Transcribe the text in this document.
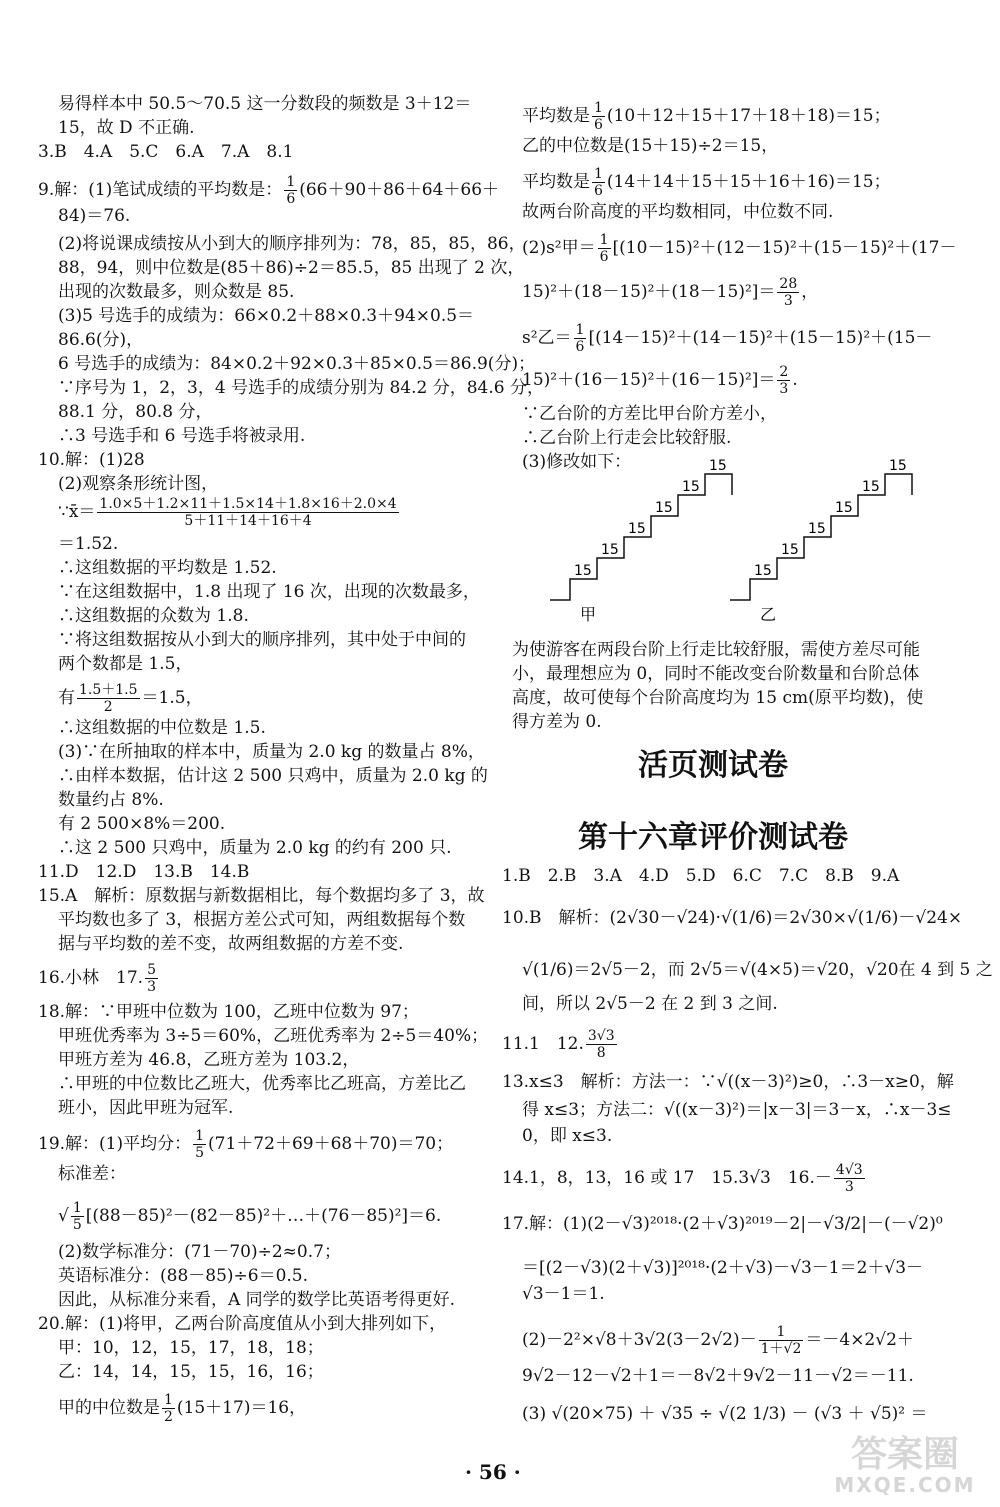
易得样本中 50.5～70.5 这一分数段的频数是 3＋12＝
15，故 D 不正确.
3.B　4.A　5.C　6.A　7.A　8.1
9.解：(1)笔试成绩的平均数是： $\frac{1}{6} (66+90+86+64+66+$
84)＝76.
(2)将说课成绩按从小到大的顺序排列为：78，85，85，86，
88，94，则中位数是(85＋86)÷2＝85.5，85 出现了 2 次，
出现的次数最多，则众数是 85.
(3)5 号选手的成绩为：66×0.2＋88×0.3＋94×0.5＝
86.6(分)，
6 号选手的成绩为：84×0.2＋92×0.3＋85×0.5＝86.9(分)；
∵序号为 1，2，3，4 号选手的成绩分别为 84.2 分，84.6 分，
88.1 分，80.8 分，
∴3 号选手和 6 号选手将被录用.
10.解：(1)28
(2)观察条形统计图，
∵x̄＝ $\frac{1.0\times 5+1.2\times 11+1.5\times 14+1.8\times 16+2.0\times 4}{5+11+14+16+4}$
＝1.52.
∴这组数据的平均数是 1.52.
∵在这组数据中，1.8 出现了 16 次，出现的次数最多，
∴这组数据的众数为 1.8.
∵将这组数据按从小到大的顺序排列，其中处于中间的
两个数都是 1.5，
有 $\frac{1.5+1.5}{2} =1.5$，
∴这组数据的中位数是 1.5.
(3)∵在所抽取的样本中，质量为 2.0 kg 的数量占 8%，
∴由样本数据，估计这 2 500 只鸡中，质量为 2.0 kg 的
数量约占 8%.
有 2 500×8%＝200.
∴这 2 500 只鸡中，质量为 2.0 kg 的约有 200 只.
11.D　12.D　13.B　14.B
15.A　解析：原数据与新数据相比，每个数据均多了 3，故
平均数也多了 3，根据方差公式可知，两组数据每个数
据与平均数的差不变，故两组数据的方差不变.
16.小林　17. $\frac{5}{3}$
18.解：∵甲班中位数为 100，乙班中位数为 97；
甲班优秀率为 3÷5＝60%，乙班优秀率为 2÷5＝40%；
甲班方差为 46.8，乙班方差为 103.2，
∴甲班的中位数比乙班大，优秀率比乙班高，方差比乙
班小，因此甲班为冠军.
19.解：(1)平均分： $\frac{1}{5} (71+72+69+68+70)=70$；
标准差：
√ $\frac{1}{5}$ [(88－85)²－(82－85)²＋…＋(76－85)²]＝6.
(2)数学标准分：(71－70)÷2≈0.7；
英语标准分：(88－85)÷6＝0.5.
因此，从标准分来看，A 同学的数学比英语考得更好.
20.解：(1)将甲，乙两台阶高度值从小到大排列如下，
甲：10，12，15，17，18，18；
乙：14，14，15，15，16，16；
甲的中位数是 $\frac{1}{2} (15+17)=16$，
平均数是 $\frac{1}{6} (10+12+15+17+18+18)=15$；
乙的中位数是(15＋15)÷2＝15，
平均数是 $\frac{1}{6} (14+14+15+15+16+16)=15$；
故两台阶高度的平均数相同，中位数不同.
(2)s²甲＝ $\frac{1}{6} [(10-15)^2+(12-15)^2+(15-15)^2+(17-$
$15)^2+(18-15)^2+(18-15)^2]= \frac{28}{3}$ ，
s²乙＝ $\frac{1}{6} [(14-15)^2+(14-15)^2+(15-15)^2+(15-$
$15)^2+(16-15)^2+(16-15)^2]= \frac{2}{3}$ .
∵乙台阶的方差比甲台阶方差小，
∴乙台阶上行走会比较舒服.
(3)修改如下：
为使游客在两段台阶上行走比较舒服，需使方差尽可能
小，最理想应为 0，同时不能改变台阶数量和台阶总体
高度，故可使每个台阶高度均为 15 cm(原平均数)，使
得方差为 0.
1.B　2.B　3.A　4.D　5.D　6.C　7.C　8.B　9.A
10.B　解析：(2√30－√24)·√(1/6)＝2√30×√(1/6)－√24×
√(1/6)＝2√5－2，而 2√5＝√(4×5)＝√20，√20在 4 到 5 之
间，所以 2√5－2 在 2 到 3 之间.
11.1　12. $\frac{3√3}{8}$
13.x≤3　解析：方法一：∵√((x－3)²)≥0，∴3－x≥0，解
得 x≤3；方法二：√((x－3)²)＝|x－3|＝3－x，∴x－3≤
0，即 x≤3.
14.1，8，13，16 或 17　15.3√3　$16.- \frac{4√3}{3}$
17.解：(1)(2－√3)²⁰¹⁸·(2＋√3)²⁰¹⁹－2|－√3/2|－(－√2)⁰
＝[(2－√3)(2＋√3)]²⁰¹⁸·(2＋√3)－√3－1＝2＋√3－
√3－1＝1.
$(2)-2^2\times√8+3√2(3-2√2)- \frac{1}{1+√2} =-4\times 2√2+$
9√2－12－√2＋1＝－8√2＋9√2－11－√2＝－11.
(3) √(20×75) ＋ √35 ÷ √(2 1/3) － (√3 ＋ √5)² ＝
活页测试卷
第十六章评价测试卷
15
15
15
15
15
15
甲
15
15
15
15
15
15
乙
· 56 ·	答案圈
MXQE.COM
